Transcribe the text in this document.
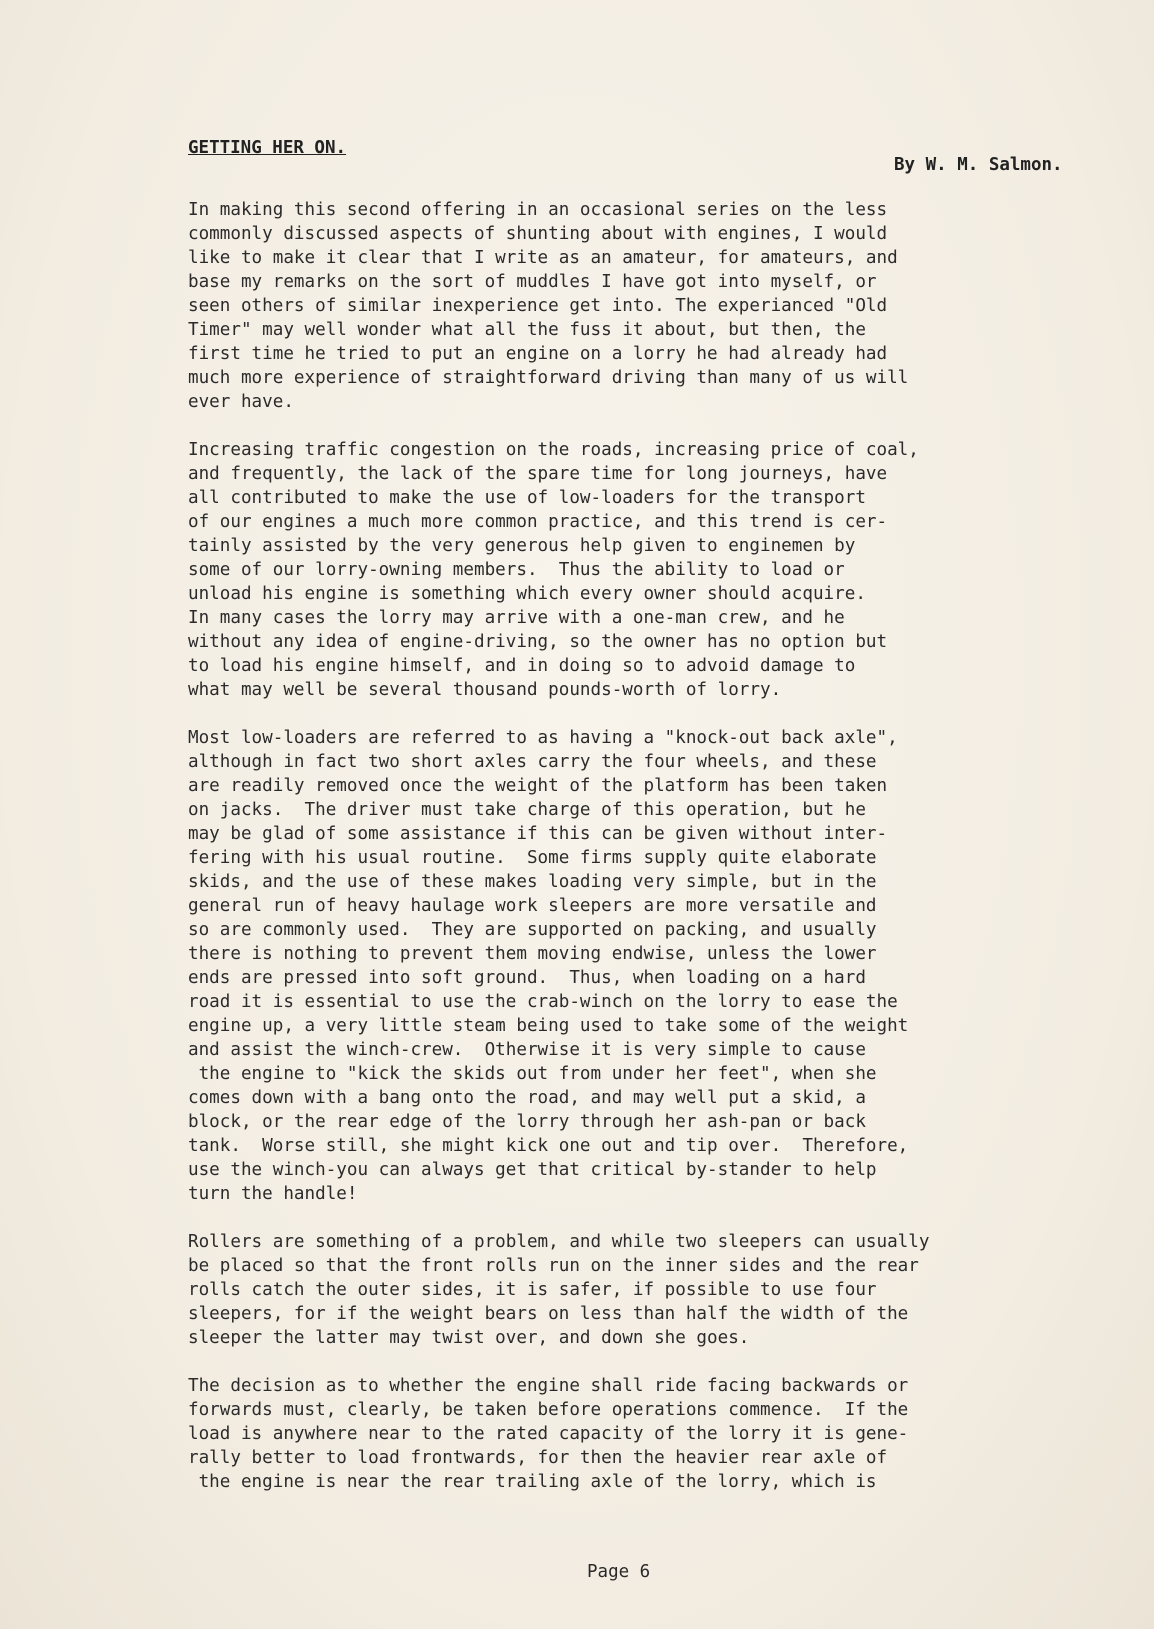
GETTING HER ON.
By W. M. Salmon.
In making this second offering in an occasional series on the less
commonly discussed aspects of shunting about with engines, I would
like to make it clear that I write as an amateur, for amateurs, and
base my remarks on the sort of muddles I have got into myself, or
seen others of similar inexperience get into. The experianced "Old
Timer" may well wonder what all the fuss it about, but then, the
first time he tried to put an engine on a lorry he had already had
much more experience of straightforward driving than many of us will
ever have.
Increasing traffic congestion on the roads, increasing price of coal,
and frequently, the lack of the spare time for long journeys, have
all contributed to make the use of low-loaders for the transport
of our engines a much more common practice, and this trend is cer-
tainly assisted by the very generous help given to enginemen by
some of our lorry-owning members.  Thus the ability to load or
unload his engine is something which every owner should acquire.
In many cases the lorry may arrive with a one-man crew, and he
without any idea of engine-driving, so the owner has no option but
to load his engine himself, and in doing so to advoid damage to
what may well be several thousand pounds-worth of lorry.
Most low-loaders are referred to as having a "knock-out back axle",
although in fact two short axles carry the four wheels, and these
are readily removed once the weight of the platform has been taken
on jacks.  The driver must take charge of this operation, but he
may be glad of some assistance if this can be given without inter-
fering with his usual routine.  Some firms supply quite elaborate
skids, and the use of these makes loading very simple, but in the
general run of heavy haulage work sleepers are more versatile and
so are commonly used.  They are supported on packing, and usually
there is nothing to prevent them moving endwise, unless the lower
ends are pressed into soft ground.  Thus, when loading on a hard
road it is essential to use the crab-winch on the lorry to ease the
engine up, a very little steam being used to take some of the weight
and assist the winch-crew.  Otherwise it is very simple to cause
the engine to "kick the skids out from under her feet", when she
comes down with a bang onto the road, and may well put a skid, a
block, or the rear edge of the lorry through her ash-pan or back
tank.  Worse still, she might kick one out and tip over.  Therefore,
use the winch-you can always get that critical by-stander to help
turn the handle!
Rollers are something of a problem, and while two sleepers can usually
be placed so that the front rolls run on the inner sides and the rear
rolls catch the outer sides, it is safer, if possible to use four
sleepers, for if the weight bears on less than half the width of the
sleeper the latter may twist over, and down she goes.
The decision as to whether the engine shall ride facing backwards or
forwards must, clearly, be taken before operations commence.  If the
load is anywhere near to the rated capacity of the lorry it is gene-
rally better to load frontwards, for then the heavier rear axle of
the engine is near the rear trailing axle of the lorry, which is
Page 6
